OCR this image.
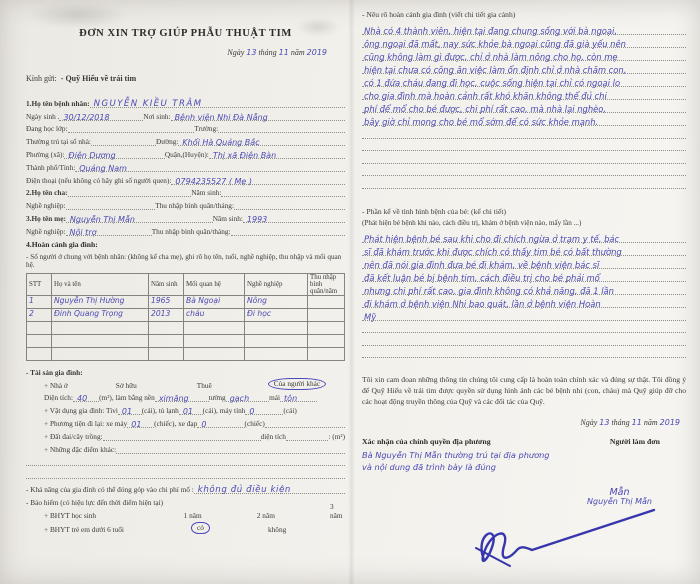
ĐƠN XIN TRỢ GIÚP PHẪU THUẬT TIM
Ngày 13 tháng 11 năm 2019
Kính gửi: - Quỹ Hiểu về trái tim
1.Họ tên bệnh nhân: NGUYỄN KIỀU TRÂM
Ngày sinh . 30/12/2018	Nơi sinh: Bệnh viện Nhi Đà Nẵng
Đang học lớp:	Trường:
Thường trú tại số nhà:	Đường: Khối Hà Quảng Bắc
Phường (xã): Điện Dương	Quận,(Huyện): Thị xã Điện Bàn
Thành phố/Tỉnh: Quảng Nam
Điện thoại (nếu không có hãy ghi số người quen): 0794235527 ( Mẹ )
2.Họ tên cha:	Năm sinh:
Nghề nghiệp:	Thu nhập bình quân/tháng:
3.Họ tên mẹ: Nguyễn Thị Mẫn	Năm sinh: 1993
Nghề nghiệp: Nội trợ	Thu nhập bình quân/tháng:
4.Hoàn cảnh gia đình:
- Số người ở chung với bệnh nhân: (không kể cha mẹ), ghi rõ họ tên, tuổi, nghề nghiệp, thu nhập và mối quan hệ.
STT	Họ và tên	Năm sinh	Mối quan hệ	Nghề nghiệp	Thu nhập bình quân/năm
1	Nguyễn Thị Hường	1965	Bà Ngoại	Nông	
2	Đinh Quang Trọng	2013	cháu	Đi học	

- Tài sản gia đình:
+ Nhà ở	Sở hữu	Thuê	Của người khác
Diện tích: 40 (m²), làm bằng nền ximăng	tường gạch	mái tôn
+ Vật dụng gia đình: Tivi 01 (cái), tủ lạnh 01 (cái), máy tính 0	(cái)
+ Phương tiện đi lại: xe máy 01 (chiếc), xe đạp 0	(chiếc)
+ Đất đai/cây trồng:	diện tích	: (m²)
+ Những đặc điểm khác:
- Khả năng của gia đình có thể đóng góp vào chi phí mổ : không đủ điều kiện
- Bảo hiểm (có hiệu lực đến thời điểm hiện tại)
+ BHYT học sinh	1 năm	2 năm
3 năm
+ BHYT trẻ em dưới 6 tuổi	có	không
- Nêu rõ hoàn cảnh gia đình (viết chi tiết gia cảnh)
Nhà có 4 thành viên, hiện tại đang chung sống với bà ngoại,
ông ngoại đã mất, nay sức khỏe bà ngoại cũng đã già yếu nên
cũng không làm gì được, chỉ ở nhà làm nông cho họ, còn mẹ
hiện tại chưa có công ăn việc làm ổn định chỉ ở nhà chăm con,
có 1 đứa cháu đang đi học, cuộc sống hiện tại chỉ có ngoại lo
cho gia đình mà hoàn cảnh rất khó khăn không thể đủ chi
phí để mổ cho bé được, chi phí rất cao, mà nhà lại nghèo,
bây giờ chỉ mong cho bé mổ sớm để có sức khỏe mạnh.
- Phần kể về tình hình bệnh của bé: (kể chi tiết)
(Phát hiện bé bệnh khi nào, cách điều trị, khám ở bệnh viện nào, mấy lần ...)
Phát hiện bệnh bé sau khi cho đi chích ngừa ở trạm y tế, bác
sĩ đã khám trước khi được chích có thấy tim bé có bất thường
nên đã nói gia đình đưa bé đi khám, về bệnh viện bác sĩ
đã kết luận bé bị bệnh tim, cách điều trị cho bé phải mổ
nhưng chi phí rất cao, gia đình không có khả năng, đã 1 lần
đi khám ở bệnh viện Nhi bao quát, lần ở bệnh viện Hoàn
Mỹ
Tôi xin cam đoan những thông tin chúng tôi cung cấp là hoàn toàn chính xác và đúng sự thật. Tôi đồng ý để Quỹ Hiểu về trái tim được quyền sử dụng hình ảnh các bé bệnh nhi (con, cháu) mà Quỹ giúp đỡ cho các hoạt động truyền thông của Quỹ và các đối tác của Quỹ.
Ngày 13 tháng 11 năm 2019
Xác nhận của chính quyền địa phương	Người làm đơn
Bà Nguyễn Thị Mẫn thường trú tại địa phương
và nội dung đã trình bày là đúng
Mẫn
Nguyễn Thị Mẫn
